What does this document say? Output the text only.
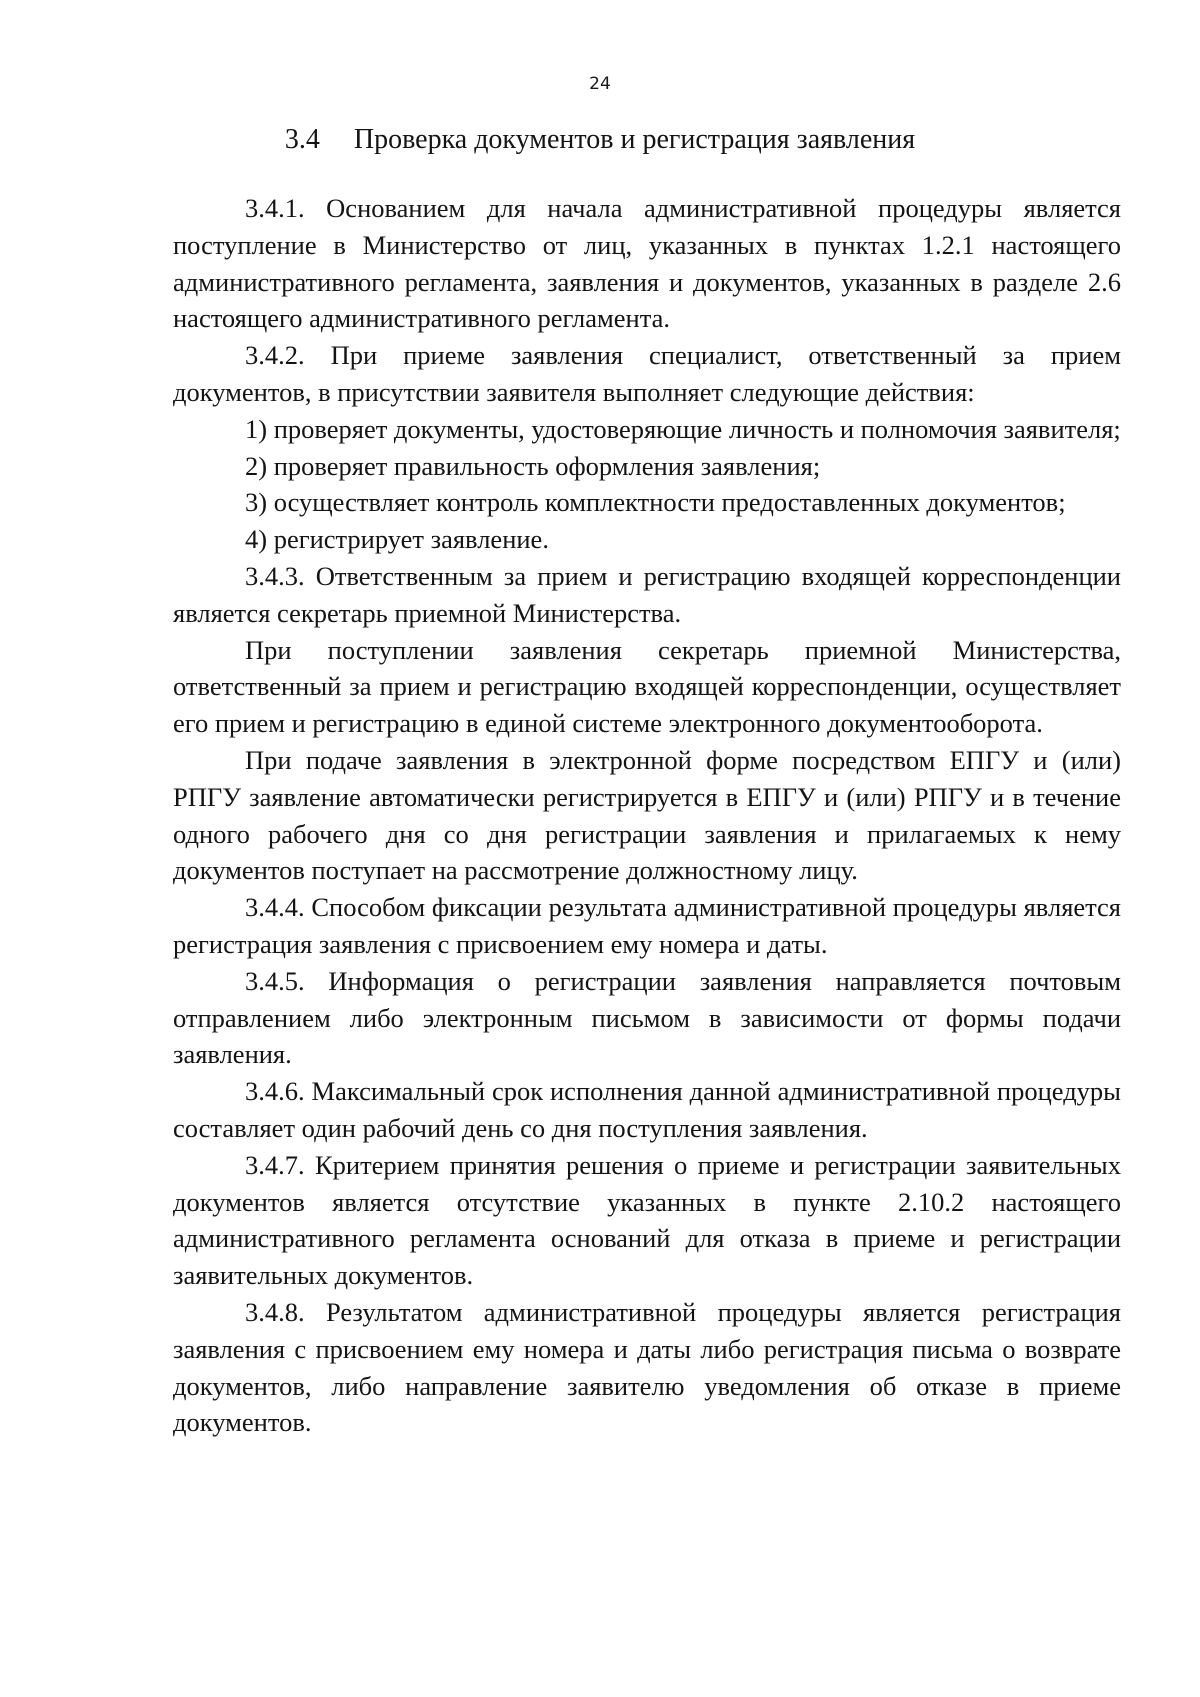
24
3.4 Проверка документов и регистрация заявления

3.4.1. Основанием для начала административной процедуры является поступление в Министерство от лиц, указанных в пунктах 1.2.1 настоящего административного регламента, заявления и документов, указанных в разделе 2.6 настоящего административного регламента.

3.4.2. При приеме заявления специалист, ответственный за прием документов, в присутствии заявителя выполняет следующие действия:

1) проверяет документы, удостоверяющие личность и полномочия заявителя;

2) проверяет правильность оформления заявления;

3) осуществляет контроль комплектности предоставленных документов;

4) регистрирует заявление.

3.4.3. Ответственным за прием и регистрацию входящей корреспонденции является секретарь приемной Министерства.

При поступлении заявления секретарь приемной Министерства, ответственный за прием и регистрацию входящей корреспонденции, осуществляет его прием и регистрацию в единой системе электронного документооборота.

При подаче заявления в электронной форме посредством ЕПГУ и (или) РПГУ заявление автоматически регистрируется в ЕПГУ и (или) РПГУ и в течение одного рабочего дня со дня регистрации заявления и прилагаемых к нему документов поступает на рассмотрение должностному лицу.

3.4.4. Способом фиксации результата административной процедуры является регистрация заявления с присвоением ему номера и даты.

3.4.5. Информация о регистрации заявления направляется почтовым отправлением либо электронным письмом в зависимости от формы подачи заявления.

3.4.6. Максимальный срок исполнения данной административной процедуры составляет один рабочий день со дня поступления заявления.

3.4.7. Критерием принятия решения о приеме и регистрации заявительных документов является отсутствие указанных в пункте 2.10.2 настоящего административного регламента оснований для отказа в приеме и регистрации заявительных документов.

3.4.8. Результатом административной процедуры является регистрация заявления с присвоением ему номера и даты либо регистрация письма о возврате документов, либо направление заявителю уведомления об отказе в приеме документов.
